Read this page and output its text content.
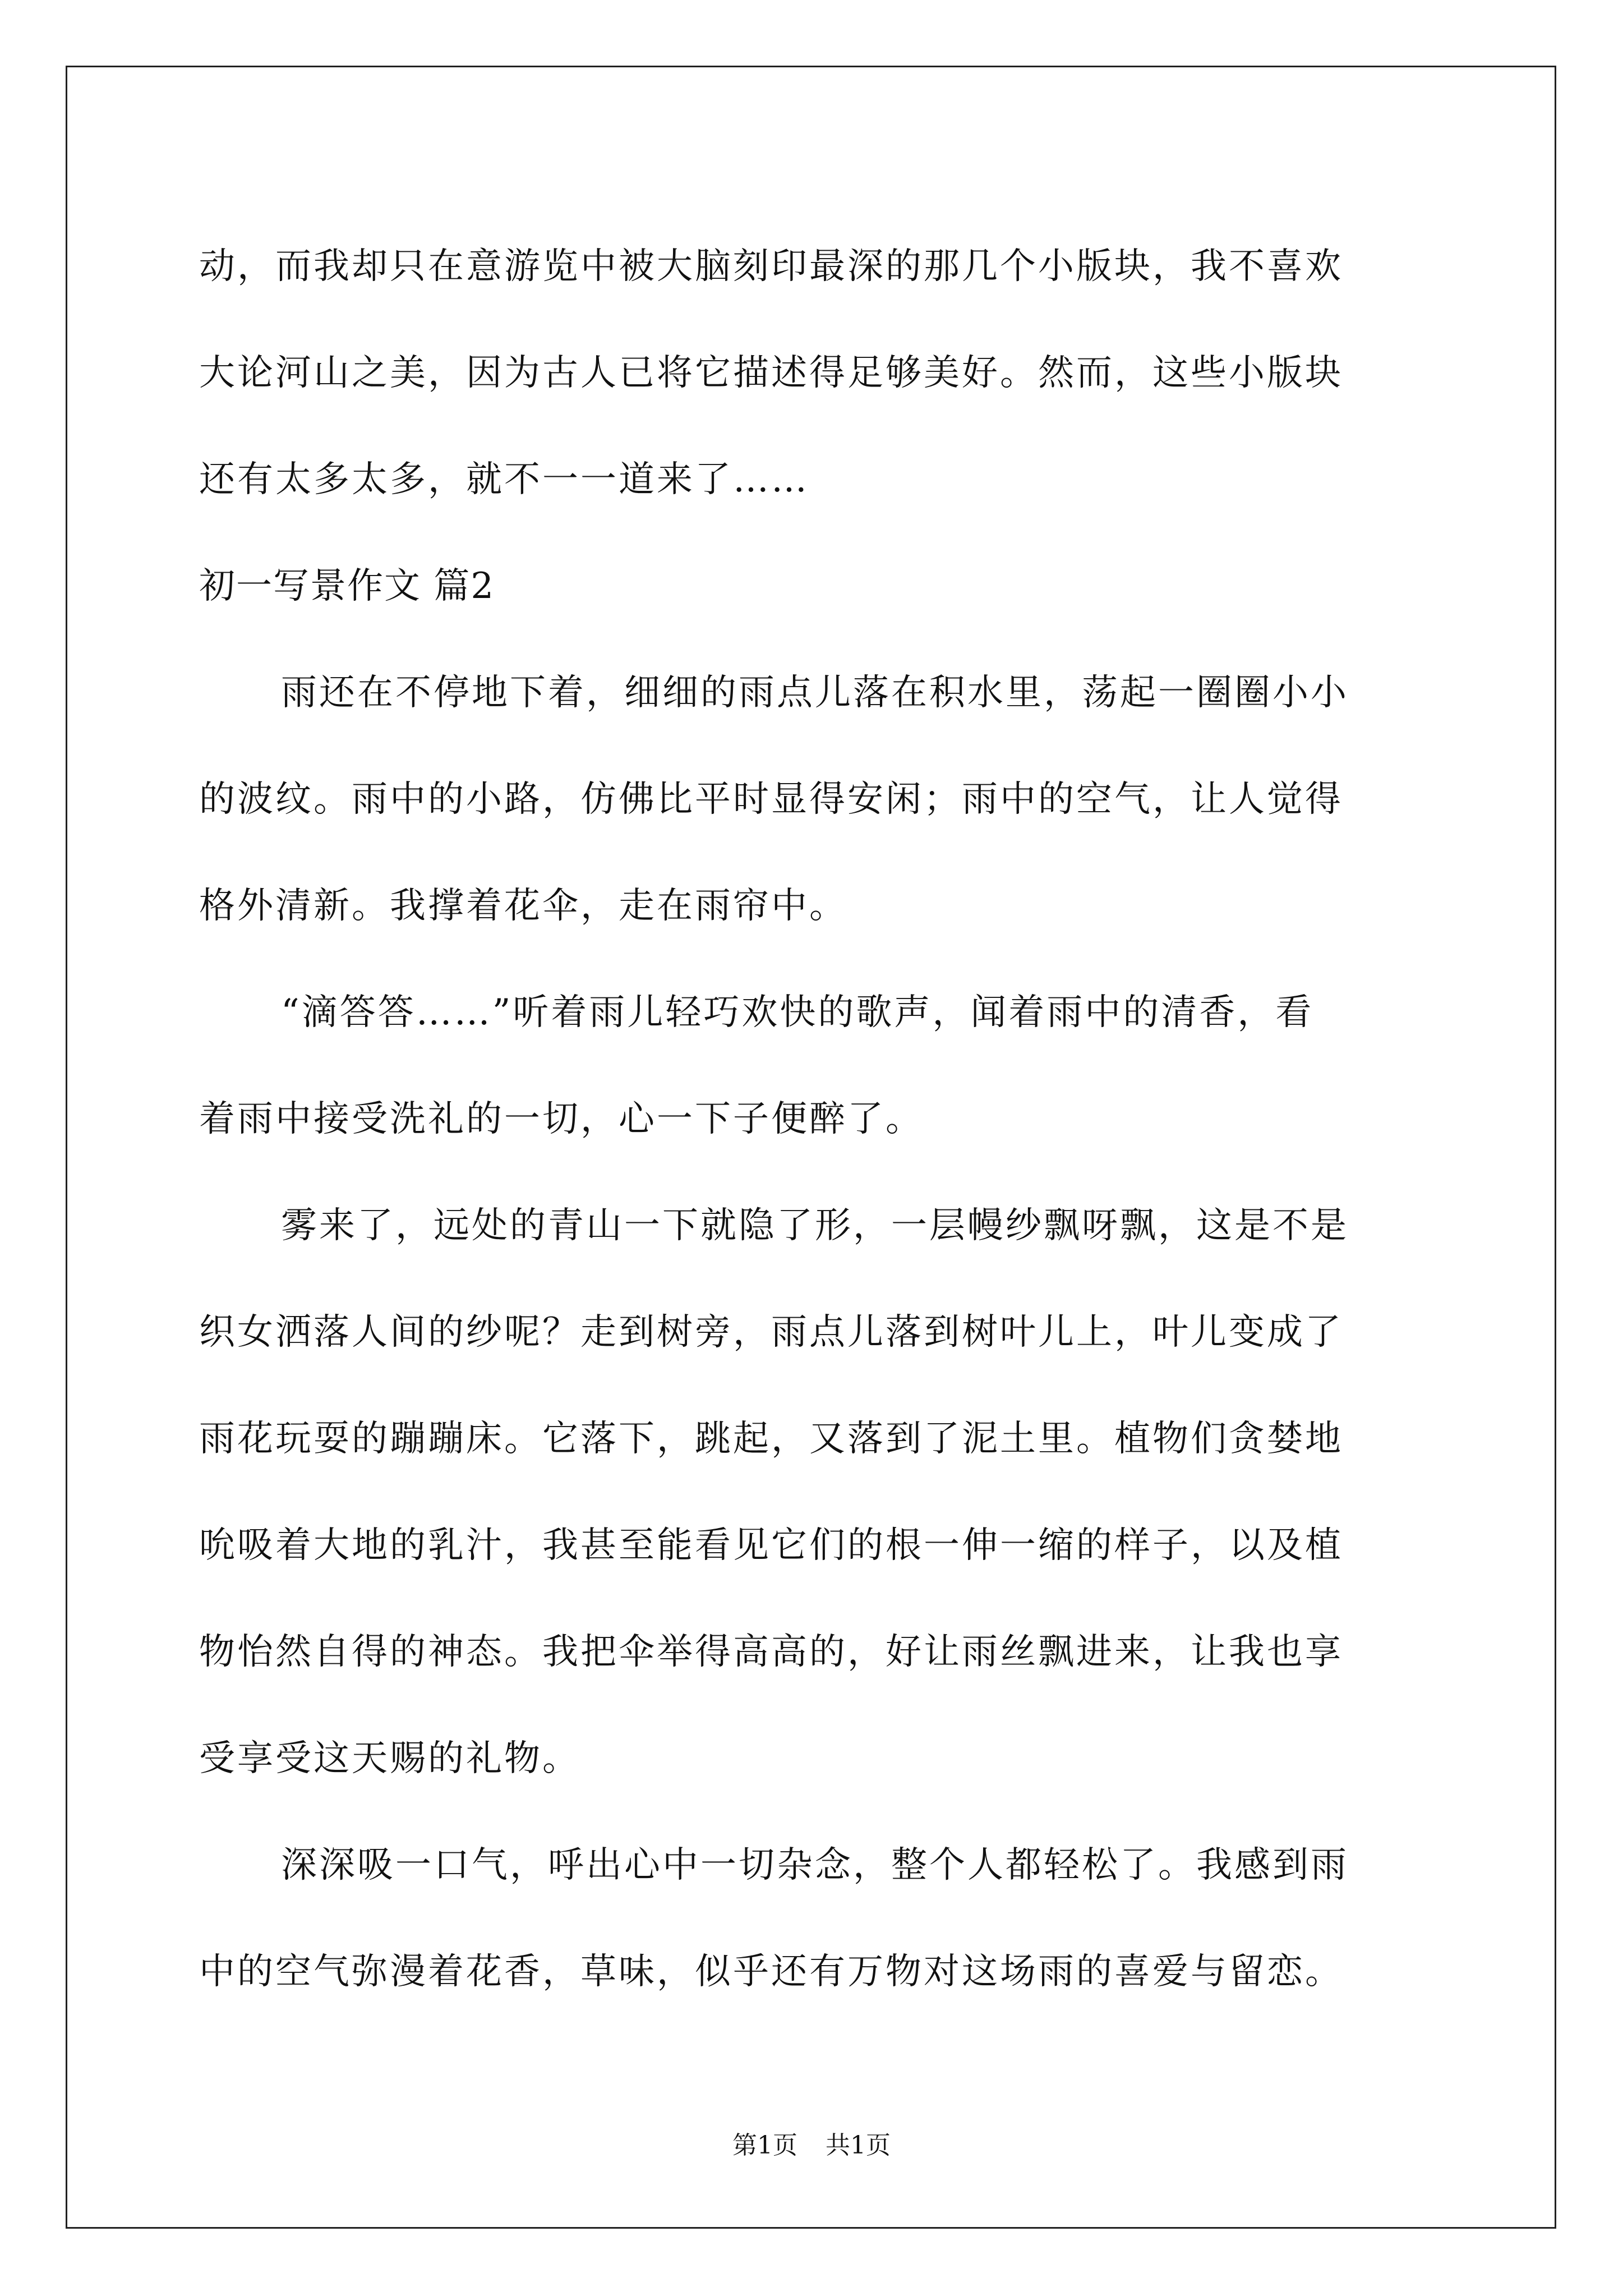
动，而我却只在意游览中被大脑刻印最深的那几个小版块，我不喜欢
大论河山之美，因为古人已将它描述得足够美好。然而，这些小版块
还有太多太多，就不一一道来了……
初一写景作文 篇2
雨还在不停地下着，细细的雨点儿落在积水里，荡起一圈圈小小
的波纹。雨中的小路，仿佛比平时显得安闲；雨中的空气，让人觉得
格外清新。我撑着花伞，走在雨帘中。
“滴答答……”听着雨儿轻巧欢快的歌声，闻着雨中的清香，看
着雨中接受洗礼的一切，心一下子便醉了。
雾来了，远处的青山一下就隐了形，一层幔纱飘呀飘，这是不是
织女洒落人间的纱呢？走到树旁，雨点儿落到树叶儿上，叶儿变成了
雨花玩耍的蹦蹦床。它落下，跳起，又落到了泥土里。植物们贪婪地
吮吸着大地的乳汁，我甚至能看见它们的根一伸一缩的样子，以及植
物怡然自得的神态。我把伞举得高高的，好让雨丝飘进来，让我也享
受享受这天赐的礼物。
深深吸一口气，呼出心中一切杂念，整个人都轻松了。我感到雨
中的空气弥漫着花香，草味，似乎还有万物对这场雨的喜爱与留恋。
第1页 共1页
